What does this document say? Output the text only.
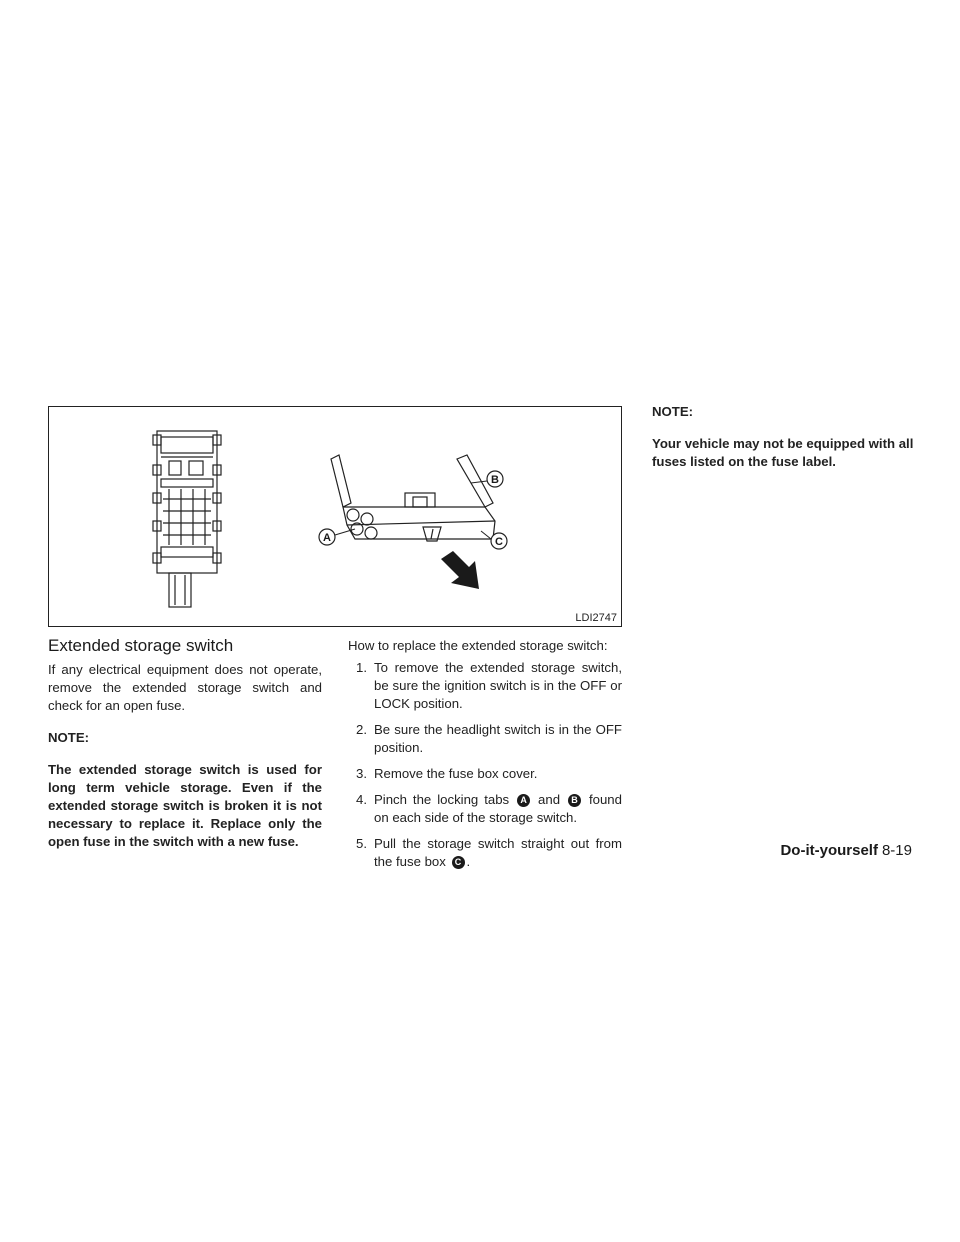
A
B
C
LDI2747
Extended storage switch

If any electrical equipment does not operate, remove the extended storage switch and check for an open fuse.

NOTE:

The extended storage switch is used for long term vehicle storage. Even if the extended storage switch is broken it is not necessary to replace it. Replace only the open fuse in the switch with a new fuse.

How to replace the extended storage switch:

1. To remove the extended storage switch, be sure the ignition switch is in the OFF or LOCK position.
2. Be sure the headlight switch is in the OFF position.
3. Remove the fuse box cover.
4. Pinch the locking tabs A and B found on each side of the storage switch.
5. Pull the storage switch straight out from the fuse box C .

NOTE:

Your vehicle may not be equipped with all fuses listed on the fuse label.

Do-it-yourself 8-19
